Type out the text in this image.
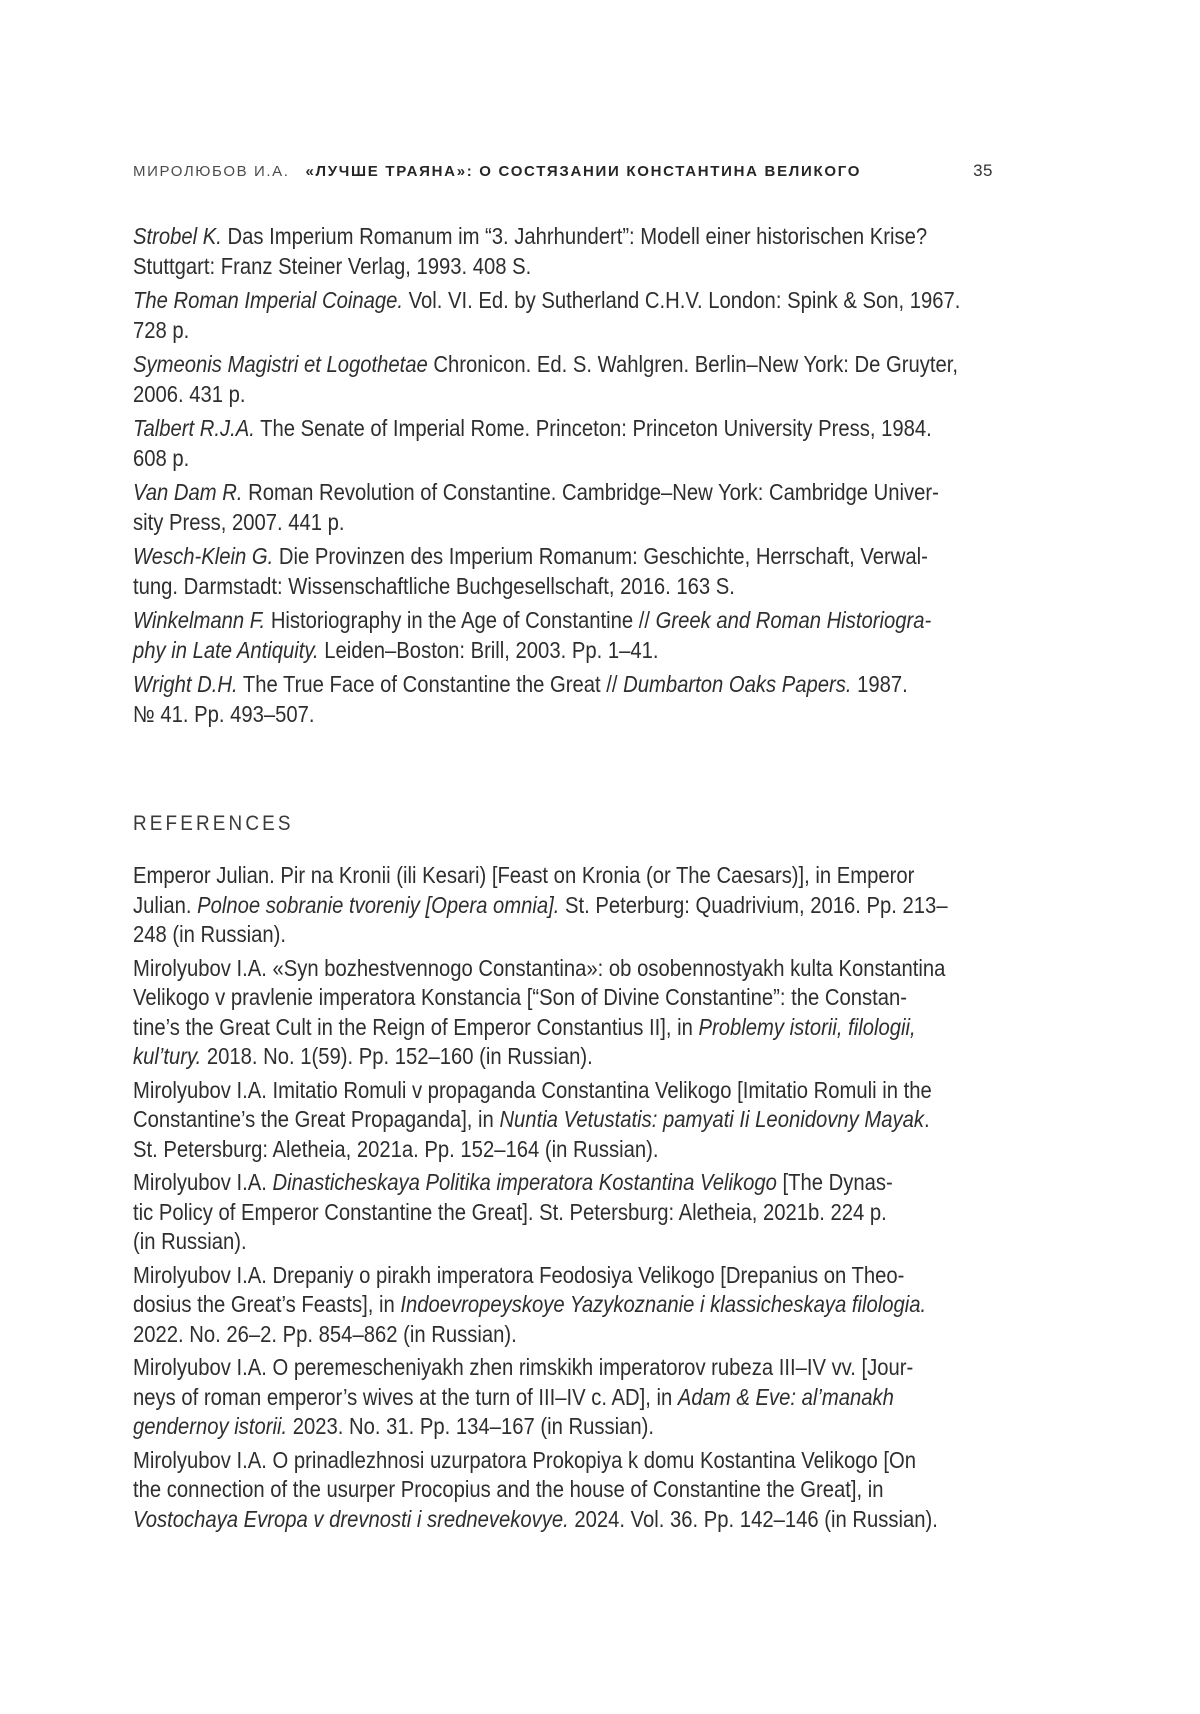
МИРОЛЮБОВ И.А. «ЛУЧШЕ ТРАЯНА»: О СОСТЯЗАНИИ КОНСТАНТИНА ВЕЛИКОГО	35
Strobel K. Das Imperium Romanum im “3. Jahrhundert”: Modell einer historischen Krise?
Stuttgart: Franz Steiner Verlag, 1993. 408 S.
The Roman Imperial Coinage. Vol. VI. Ed. by Sutherland C.H.V. London: Spink & Son, 1967.
728 p.
Symeonis Magistri et Logothetae Chronicon. Ed. S. Wahlgren. Berlin–New York: De Gruyter,
2006. 431 p.
Talbert R.J.A. The Senate of Imperial Rome. Princeton: Princeton University Press, 1984.
608 p.
Van Dam R. Roman Revolution of Constantine. Cambridge–New York: Cambridge Univer-
sity Press, 2007. 441 p.
Wesch-Klein G. Die Provinzen des Imperium Romanum: Geschichte, Herrschaft, Verwal-
tung. Darmstadt: Wissenschaftliche Buchgesellschaft, 2016. 163 S.
Winkelmann F. Historiography in the Age of Constantine // Greek and Roman Historiogra-
phy in Late Antiquity. Leiden–Boston: Brill, 2003. Pp. 1–41.
Wright D.H. The True Face of Constantine the Great // Dumbarton Oaks Papers. 1987.
№ 41. Pp. 493–507.
REFERENCES
Emperor Julian. Pir na Kronii (ili Kesari) [Feast on Kronia (or The Caesars)], in Emperor
Julian. Polnoe sobranie tvoreniy [Opera omnia]. St. Peterburg: Quadrivium, 2016. Pp. 213–
248 (in Russian).
Mirolyubov I.A. «Syn bozhestvennogo Constantina»: ob osobennostyakh kulta Konstantina
Velikogo v pravlenie imperatora Konstancia [“Son of Divine Constantine”: the Constan-
tine’s the Great Cult in the Reign of Emperor Constantius II], in Problemy istorii, filologii,
kul’tury. 2018. No. 1(59). Pp. 152–160 (in Russian).
Mirolyubov I.A. Imitatio Romuli v propaganda Constantina Velikogo [Imitatio Romuli in the
Constantine’s the Great Propaganda], in Nuntia Vetustatis: pamyati Ii Leonidovny Mayak.
St. Petersburg: Aletheia, 2021a. Pp. 152–164 (in Russian).
Mirolyubov I.A. Dinasticheskaya Politika imperatora Kostantina Velikogo [The Dynas-
tic Policy of Emperor Constantine the Great]. St. Petersburg: Aletheia, 2021b. 224 p.
(in Russian).
Mirolyubov I.A. Drepaniy o pirakh imperatora Feodosiya Velikogo [Drepanius on Theo-
dosius the Great’s Feasts], in Indoevropeyskoye Yazykoznanie i klassicheskaya filologia.
2022. No. 26–2. Pp. 854–862 (in Russian).
Mirolyubov I.A. O peremescheniyakh zhen rimskikh imperatorov rubeza III–IV vv. [Jour-
neys of roman emperor’s wives at the turn of III–IV c. AD], in Adam & Eve: al’manakh
gendernoy istorii. 2023. No. 31. Pp. 134–167 (in Russian).
Mirolyubov I.A. O prinadlezhnosi uzurpatora Prokopiya k domu Kostantina Velikogo [On
the connection of the usurper Procopius and the house of Constantine the Great], in
Vostochaya Evropa v drevnosti i srednevekovye. 2024. Vol. 36. Pp. 142–146 (in Russian).
